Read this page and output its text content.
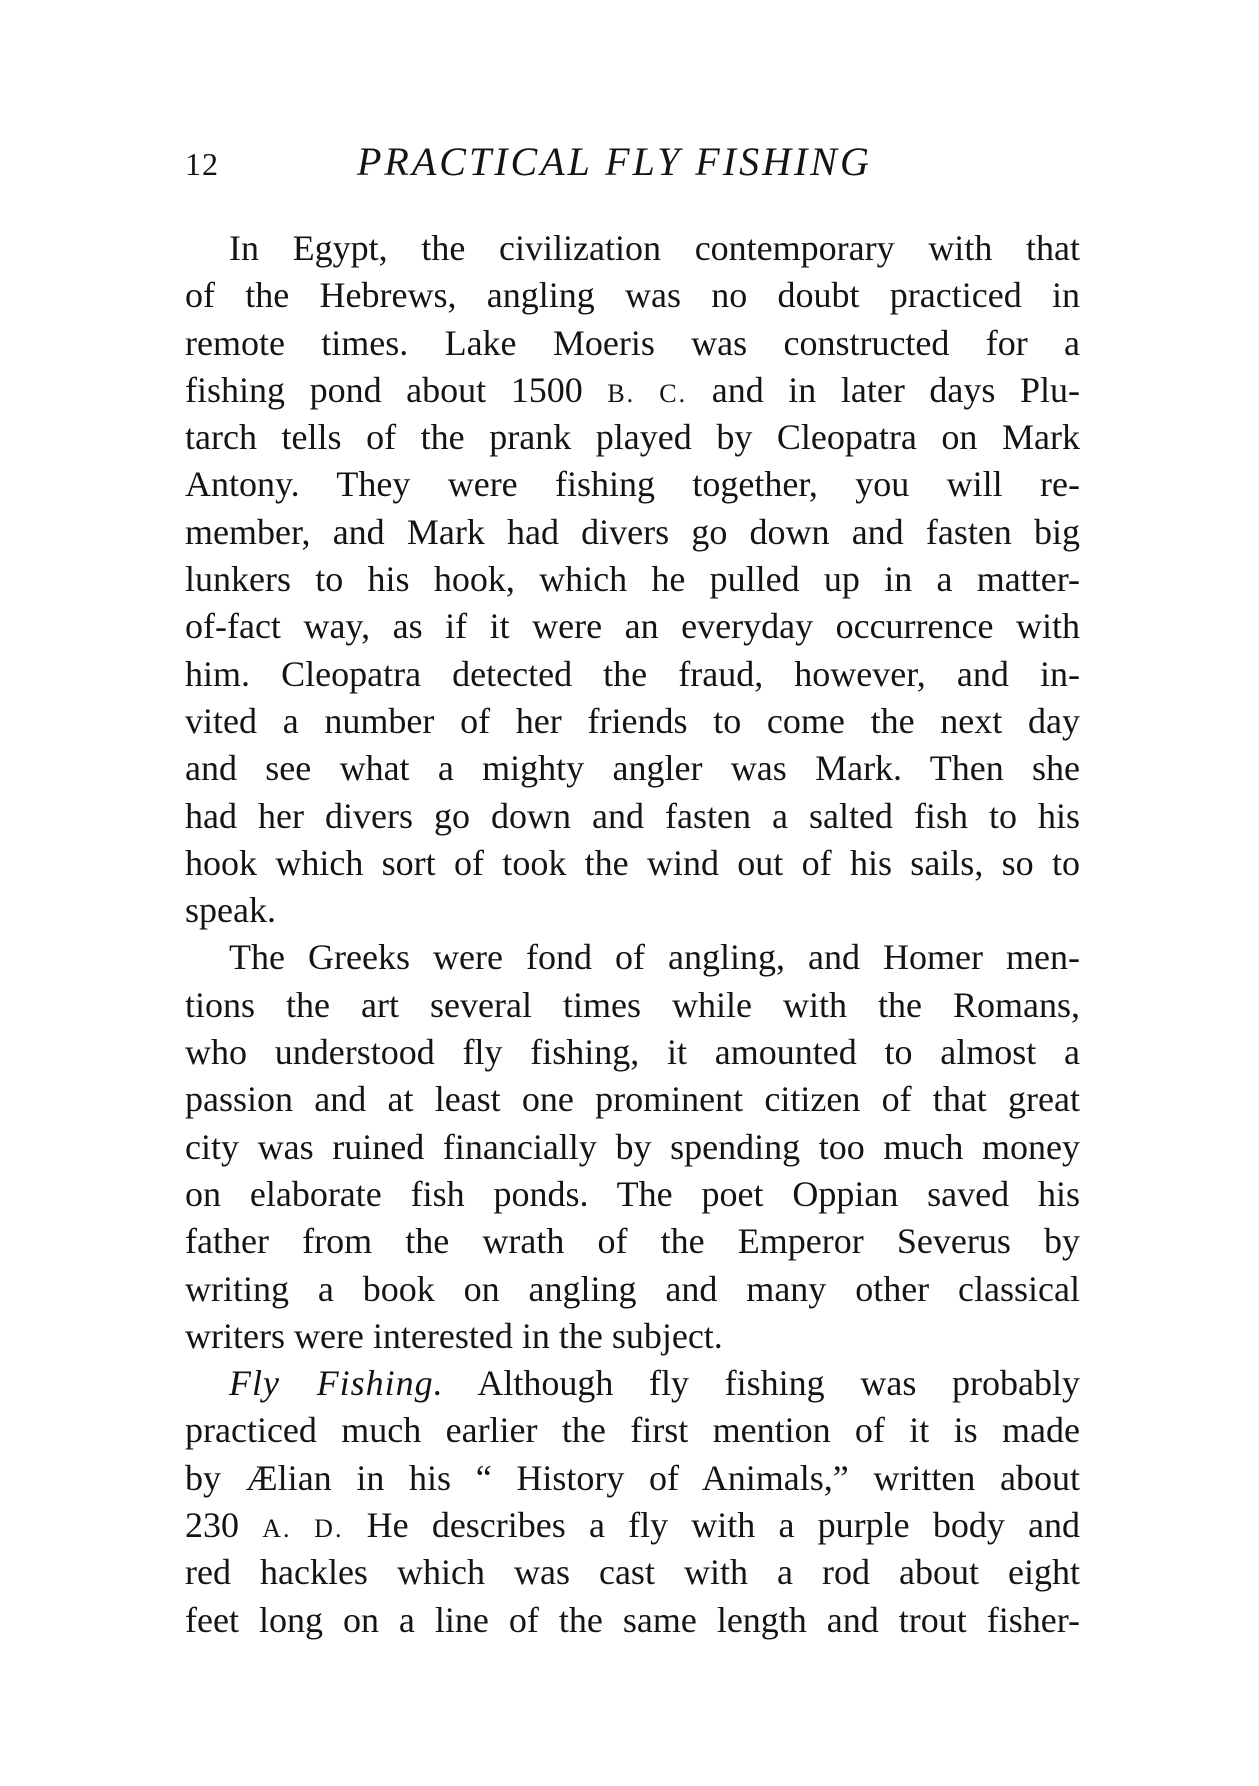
12	PRACTICAL FLY FISHING
In Egypt, the civilization contemporary with that
of the Hebrews, angling was no doubt practiced in
remote times. Lake Moeris was constructed for a
fishing pond about 1500 B. C. and in later days Plu-
tarch tells of the prank played by Cleopatra on Mark
Antony. They were fishing together, you will re-
member, and Mark had divers go down and fasten big
lunkers to his hook, which he pulled up in a matter-
of-fact way, as if it were an everyday occurrence with
him. Cleopatra detected the fraud, however, and in-
vited a number of her friends to come the next day
and see what a mighty angler was Mark. Then she
had her divers go down and fasten a salted fish to his
hook which sort of took the wind out of his sails, so to
speak.
The Greeks were fond of angling, and Homer men-
tions the art several times while with the Romans,
who understood fly fishing, it amounted to almost a
passion and at least one prominent citizen of that great
city was ruined financially by spending too much money
on elaborate fish ponds. The poet Oppian saved his
father from the wrath of the Emperor Severus by
writing a book on angling and many other classical
writers were interested in the subject.
Fly Fishing. Although fly fishing was probably
practiced much earlier the first mention of it is made
by Ælian in his “ History of Animals,” written about
230 A. D. He describes a fly with a purple body and
red hackles which was cast with a rod about eight
feet long on a line of the same length and trout fisher-
